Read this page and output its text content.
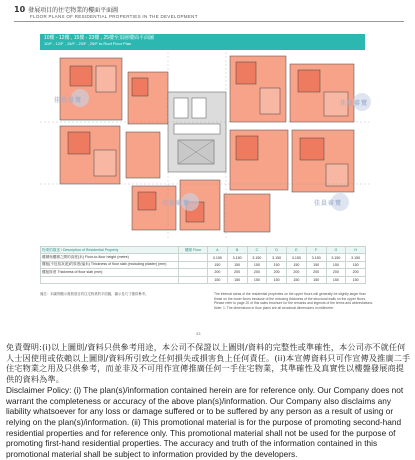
10 發展項目的住宅物業的樓面平面圖
FLOOR PLANS OF RESIDENTIAL PROPERTIES IN THE DEVELOPMENT
10樓 - 12樓 , 15樓 - 23樓 , 25樓至頂層樓面平面圖
10/F - 12/F , 15/F - 23/F , 25/F to Roof Floor Plan
佳員睿覽	佳員睿覽
佳員睿覽	佳員睿覽
物業的描述 / Description of Residential Property	樓層 Floor	A	B	C	D	E	F	G	H
樓層與樓層之間的高度(米) Floor-to-floor height (metre)		3.150	3.150	3.150	3.150	3.150	3.150	3.150	3.150
樓板(不包括灰泥)的厚度(毫米) Thickness of floor slab (excluding plaster) (mm)		150	150	150	150	150	150	150	150
樓板厚度 Thickness of floor slab (mm)		200	200	200	200	200	200	200	200
		150	150	150	150	150	150	150	150
備註：本圖則顯示發展項目的住宅物業的平面圖，圖示及尺寸僅供參考。	The internal areas of the residential properties on the upper floors will generally be slightly larger than those on the lower floors because of the reducing thickness of the structural walls on the upper floors. Please refer to page 20 of this sales brochure for the remarks and legends of the terms and abbreviations. Note: 1. The dimensions in floor plans are all structural dimensions in millimetre.
33

免責聲明:(i)以上圖則/資料只供參考用途，本公司不保證以上圖則/資料的完整性或準確性，本公司亦不就任何人士因使用或依賴以上圖則/資料所引致之任何損失或損害負上任何責任。(ii)本宣傳資料只可作宣傳及推廣二手住宅物業之用及只供參考，而並非及不可用作宣傳推廣任何一手住宅物業，其準確性及真實性以樓盤發展商提供的資料為準。

Disclaimer Policy: (i) The plan(s)/information contained herein are for reference only. Our Company does not warrant the completeness or accuracy of the above plan(s)/information. Our Company also disclaims any liability whatsoever for any loss or damage suffered or to be suffered by any person as a result of using or relying on the plan(s)/information. (ii) This promotional material is for the purpose of promoting second-hand residential properties and for reference only. This promotional material shall not be used for the purpose of promoting first-hand residential properties. The accuracy and truth of the information contained in this promotional material shall be subject to information provided by the developers.
